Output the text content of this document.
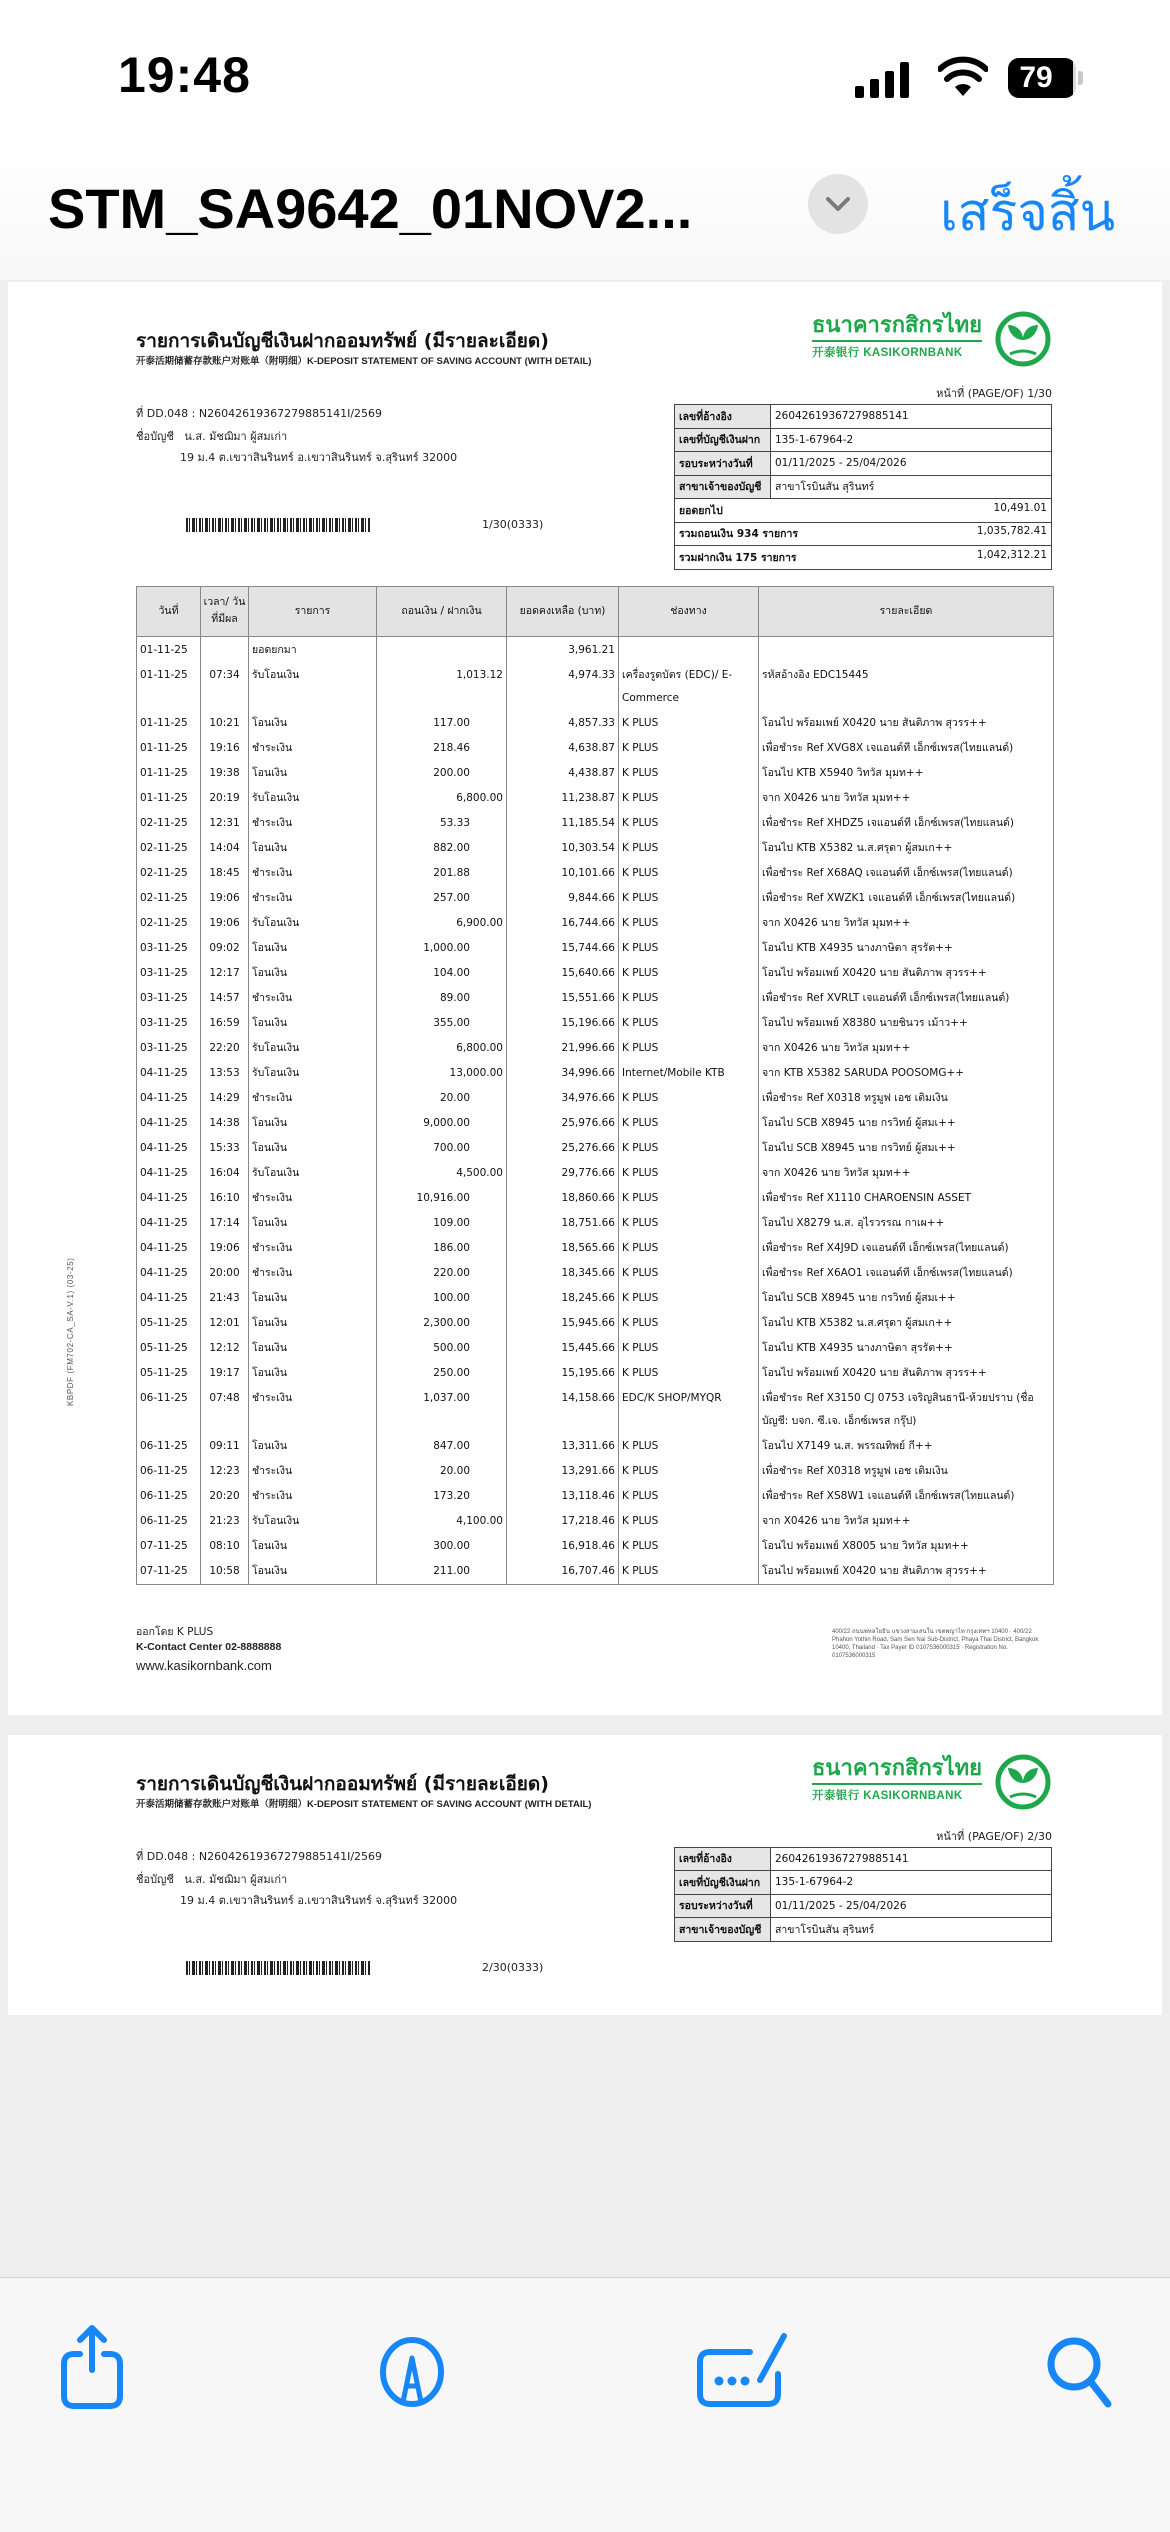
19:48	79
STM_SA9642_01NOV2...	เสร็จสิ้น
รายการเดินบัญชีเงินฝากออมทรัพย์ (มีรายละเอียด)
开泰活期储蓄存款账户对账单（附明细）K-DEPOSIT STATEMENT OF SAVING ACCOUNT (WITH DETAIL)
ธนาคารกสิกรไทย
开泰银行 KASIKORNBANK
หน้าที่ (PAGE/OF) 1/30
ที่ DD.048 : N2604261936727988514​1I/2569
ชื่อบัญชี น.ส. มัชฌิมา ผู้สมเก่า
19 ม.4 ต.เขวาสินรินทร์ อ.เขวาสินรินทร์ จ.สุรินทร์ 32000
1/30(0333)
เลขที่อ้างอิง	26042619367279885141
เลขที่บัญชีเงินฝาก	135-1-67964-2
รอบระหว่างวันที่	01/11/2025 - 25/04/2026
สาขาเจ้าของบัญชี	สาขาโรบินสัน สุรินทร์

ยอดยกไป 10,491.01	

รวมถอนเงิน 934 รายการ 1,035,782.41	

รวมฝากเงิน 175 รายการ 1,042,312.21	
วันที่	เวลา/ วันที่มีผล	รายการ	ถอนเงิน / ฝากเงิน	ยอดคงเหลือ (บาท)	ช่องทาง	รายละเอียด
01-11-25		ยอดยกมา		3,961.21		
01-11-25	07:34	รับโอนเงิน	1,013.12	4,974.33	เครื่องรูดบัตร (EDC)/ E-Commerce	รหัสอ้างอิง EDC15445
01-11-25	10:21	โอนเงิน	117.00	4,857.33	K PLUS	โอนไป พร้อมเพย์ X0420 นาย สันติภาพ สุวรร++
01-11-25	19:16	ชำระเงิน	218.46	4,638.87	K PLUS	เพื่อชำระ Ref XVG8X เจแอนด์ที เอ็กซ์เพรส(ไทยแลนด์)
01-11-25	19:38	โอนเงิน	200.00	4,438.87	K PLUS	โอนไป KTB X5940 วิทวัส มุมท++
01-11-25	20:19	รับโอนเงิน	6,800.00	11,238.87	K PLUS	จาก X0426 นาย วิทวัส มุมท++
02-11-25	12:31	ชำระเงิน	53.33	11,185.54	K PLUS	เพื่อชำระ Ref XHDZ5 เจแอนด์ที เอ็กซ์เพรส(ไทยแลนด์)
02-11-25	14:04	โอนเงิน	882.00	10,303.54	K PLUS	โอนไป KTB X5382 น.ส.ศรุดา ผู้สมเก++
02-11-25	18:45	ชำระเงิน	201.88	10,101.66	K PLUS	เพื่อชำระ Ref X68AQ เจแอนด์ที เอ็กซ์เพรส(ไทยแลนด์)
02-11-25	19:06	ชำระเงิน	257.00	9,844.66	K PLUS	เพื่อชำระ Ref XWZK1 เจแอนด์ที เอ็กซ์เพรส(ไทยแลนด์)
02-11-25	19:06	รับโอนเงิน	6,900.00	16,744.66	K PLUS	จาก X0426 นาย วิทวัส มุมท++
03-11-25	09:02	โอนเงิน	1,000.00	15,744.66	K PLUS	โอนไป KTB X4935 นางภาษิตา สุรรัต++
03-11-25	12:17	โอนเงิน	104.00	15,640.66	K PLUS	โอนไป พร้อมเพย์ X0420 นาย สันติภาพ สุวรร++
03-11-25	14:57	ชำระเงิน	89.00	15,551.66	K PLUS	เพื่อชำระ Ref XVRLT เจแอนด์ที เอ็กซ์เพรส(ไทยแลนด์)
03-11-25	16:59	โอนเงิน	355.00	15,196.66	K PLUS	โอนไป พร้อมเพย์ X8380 นายชินวร เม้าว++
03-11-25	22:20	รับโอนเงิน	6,800.00	21,996.66	K PLUS	จาก X0426 นาย วิทวัส มุมท++
04-11-25	13:53	รับโอนเงิน	13,000.00	34,996.66	Internet/Mobile KTB	จาก KTB X5382 SARUDA POOSOMG++
04-11-25	14:29	ชำระเงิน	20.00	34,976.66	K PLUS	เพื่อชำระ Ref X0318 ทรูมูฟ เอช เติมเงิน
04-11-25	14:38	โอนเงิน	9,000.00	25,976.66	K PLUS	โอนไป SCB X8945 นาย กรวิทย์ ผู้สมเ++
04-11-25	15:33	โอนเงิน	700.00	25,276.66	K PLUS	โอนไป SCB X8945 นาย กรวิทย์ ผู้สมเ++
04-11-25	16:04	รับโอนเงิน	4,500.00	29,776.66	K PLUS	จาก X0426 นาย วิทวัส มุมท++
04-11-25	16:10	ชำระเงิน	10,916.00	18,860.66	K PLUS	เพื่อชำระ Ref X1110 CHAROENSIN ASSET
04-11-25	17:14	โอนเงิน	109.00	18,751.66	K PLUS	โอนไป X8279 น.ส. อุไรวรรณ กาเผ++
04-11-25	19:06	ชำระเงิน	186.00	18,565.66	K PLUS	เพื่อชำระ Ref X4J9D เจแอนด์ที เอ็กซ์เพรส(ไทยแลนด์)
04-11-25	20:00	ชำระเงิน	220.00	18,345.66	K PLUS	เพื่อชำระ Ref X6AO1 เจแอนด์ที เอ็กซ์เพรส(ไทยแลนด์)
04-11-25	21:43	โอนเงิน	100.00	18,245.66	K PLUS	โอนไป SCB X8945 นาย กรวิทย์ ผู้สมเ++
05-11-25	12:01	โอนเงิน	2,300.00	15,945.66	K PLUS	โอนไป KTB X5382 น.ส.ศรุดา ผู้สมเก++
05-11-25	12:12	โอนเงิน	500.00	15,445.66	K PLUS	โอนไป KTB X4935 นางภาษิตา สุรรัต++
05-11-25	19:17	โอนเงิน	250.00	15,195.66	K PLUS	โอนไป พร้อมเพย์ X0420 นาย สันติภาพ สุวรร++
06-11-25	07:48	ชำระเงิน	1,037.00	14,158.66	EDC/K SHOP/MYQR	เพื่อชำระ Ref X3150 CJ 0753 เจริญสินธานี-ห้วยปราบ (ชื่อบัญชี: บจก. ซี.เจ. เอ็กซ์เพรส กรุ๊ป)
06-11-25	09:11	โอนเงิน	847.00	13,311.66	K PLUS	โอนไป X7149 น.ส. พรรณทิพย์ กี++
06-11-25	12:23	ชำระเงิน	20.00	13,291.66	K PLUS	เพื่อชำระ Ref X0318 ทรูมูฟ เอช เติมเงิน
06-11-25	20:20	ชำระเงิน	173.20	13,118.46	K PLUS	เพื่อชำระ Ref XS8W1 เจแอนด์ที เอ็กซ์เพรส(ไทยแลนด์)
06-11-25	21:23	รับโอนเงิน	4,100.00	17,218.46	K PLUS	จาก X0426 นาย วิทวัส มุมท++
07-11-25	08:10	โอนเงิน	300.00	16,918.46	K PLUS	โอนไป พร้อมเพย์ X8005 นาย วิทวัส มุมท++
07-11-25	10:58	โอนเงิน	211.00	16,707.46	K PLUS	โอนไป พร้อมเพย์ X0420 นาย สันติภาพ สุวรร++
ออกโดย K PLUS
K-Contact Center 02-8888888
www.kasikornbank.com
400/22 ถนนพหลโยธิน แขวงสามเสนใน เขตพญาไท กรุงเทพฯ 10400 · 400/22 Phahon Yothin Road, Sam Sen Nai Sub-District, Phaya Thai District, Bangkok 10400, Thailand · Tax Payer ID 0107536000315 · Registration No. 0107536000315
KBPDF (FM702-CA_SA-V.1) (03-25)
รายการเดินบัญชีเงินฝากออมทรัพย์ (มีรายละเอียด)
开泰活期储蓄存款账户对账单（附明细）K-DEPOSIT STATEMENT OF SAVING ACCOUNT (WITH DETAIL)
ธนาคารกสิกรไทย
开泰银行 KASIKORNBANK
หน้าที่ (PAGE/OF) 2/30
ที่ DD.048 : N2604261936727988514​1I/2569
ชื่อบัญชี น.ส. มัชฌิมา ผู้สมเก่า
19 ม.4 ต.เขวาสินรินทร์ อ.เขวาสินรินทร์ จ.สุรินทร์ 32000
2/30(0333)
เลขที่อ้างอิง	26042619367279885141
เลขที่บัญชีเงินฝาก	135-1-67964-2
รอบระหว่างวันที่	01/11/2025 - 25/04/2026
สาขาเจ้าของบัญชี	สาขาโรบินสัน สุรินทร์
